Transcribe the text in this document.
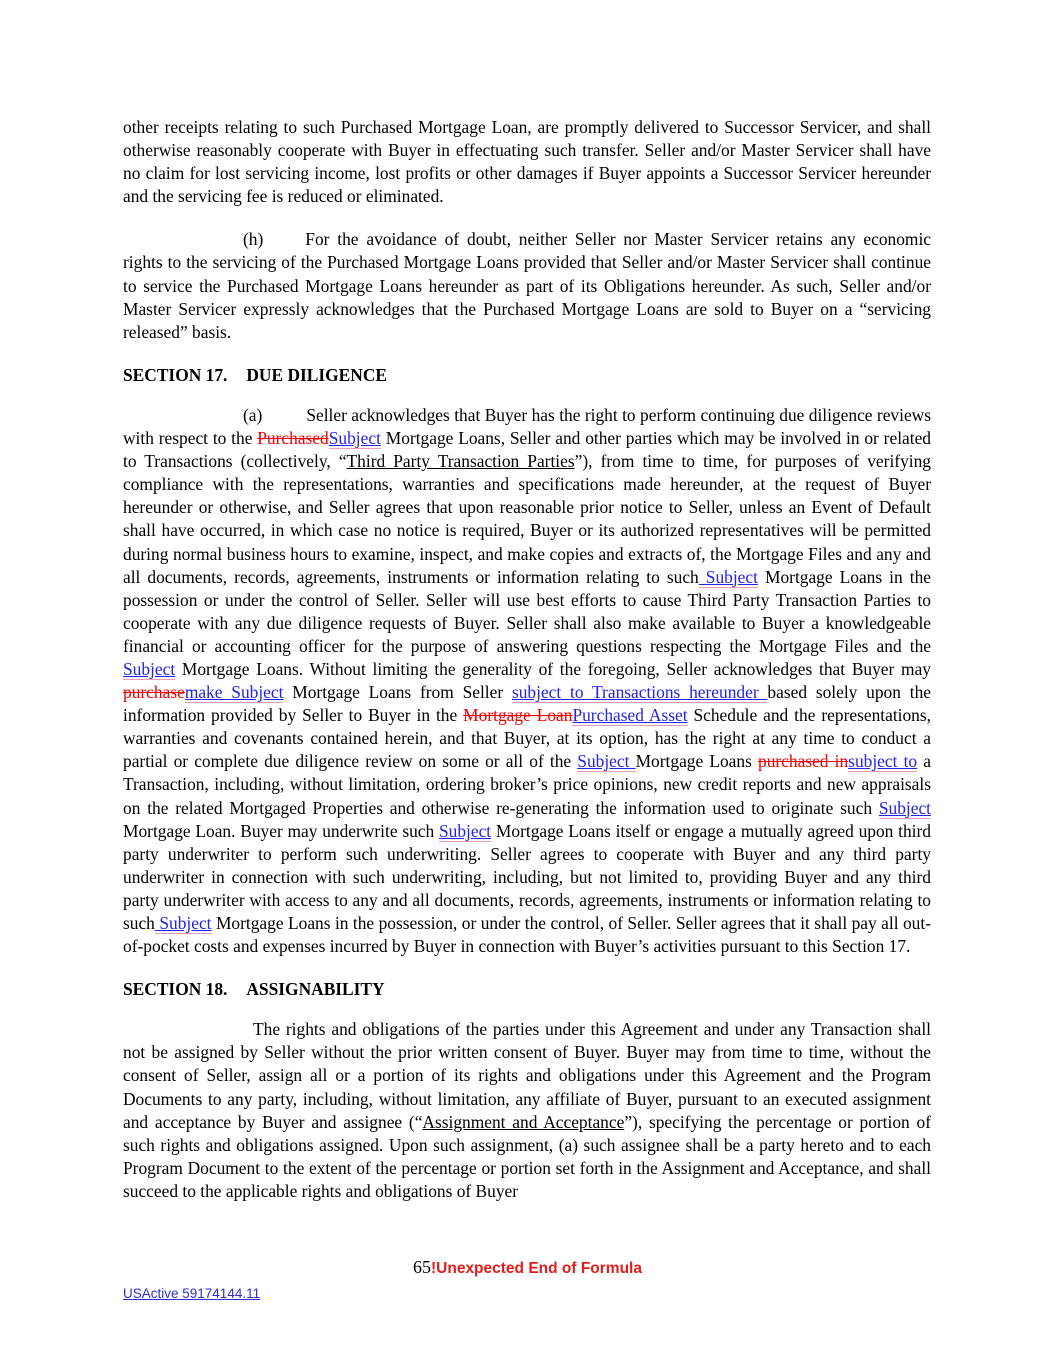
other receipts relating to such Purchased Mortgage Loan, are promptly delivered to Successor Servicer, and shall otherwise reasonably cooperate with Buyer in effectuating such transfer. Seller and/or Master Servicer shall have no claim for lost servicing income, lost profits or other damages if Buyer appoints a Successor Servicer hereunder and the servicing fee is reduced or eliminated.

(h) For the avoidance of doubt, neither Seller nor Master Servicer retains any economic rights to the servicing of the Purchased Mortgage Loans provided that Seller and/or Master Servicer shall continue to service the Purchased Mortgage Loans hereunder as part of its Obligations hereunder. As such, Seller and/or Master Servicer expressly acknowledges that the Purchased Mortgage Loans are sold to Buyer on a “servicing released” basis.

SECTION 17. DUE DILIGENCE

(a)	Seller acknowledges that Buyer has the right to perform continuing due diligence reviews with respect to the PurchasedSubject Mortgage Loans, Seller and other parties which may be involved in or related to Transactions (collectively, “Third Party Transaction Parties”), from time to time, for purposes of verifying compliance with the representations, warranties and specifications made hereunder, at the request of Buyer hereunder or otherwise, and Seller agrees that upon reasonable prior notice to Seller, unless an Event of Default shall have occurred, in which case no notice is required, Buyer or its authorized representatives will be permitted during normal business hours to examine, inspect, and make copies and extracts of, the Mortgage Files and any and all documents, records, agreements, instruments or information relating to such Subject Mortgage Loans in the possession or under the control of Seller. Seller will use best efforts to cause Third Party Transaction Parties to cooperate with any due diligence requests of Buyer. Seller shall also make available to Buyer a knowledgeable financial or accounting officer for the purpose of answering questions respecting the Mortgage Files and the Subject Mortgage Loans. Without limiting the generality of the foregoing, Seller acknowledges that Buyer may purchasemake Subject Mortgage Loans from Seller subject to Transactions hereunder based solely upon the information provided by Seller to Buyer in the Mortgage LoanPurchased Asset Schedule and the representations, warranties and covenants contained herein, and that Buyer, at its option, has the right at any time to conduct a partial or complete due diligence review on some or all of the Subject Mortgage Loans purchased insubject to a Transaction, including, without limitation, ordering broker’s price opinions, new credit reports and new appraisals on the related Mortgaged Properties and otherwise re-generating the information used to originate such Subject Mortgage Loan. Buyer may underwrite such Subject Mortgage Loans itself or engage a mutually agreed upon third party underwriter to perform such underwriting. Seller agrees to cooperate with Buyer and any third party underwriter in connection with such underwriting, including, but not limited to, providing Buyer and any third party underwriter with access to any and all documents, records, agreements, instruments or information relating to such Subject Mortgage Loans in the possession, or under the control, of Seller. Seller agrees that it shall pay all out-of-pocket costs and expenses incurred by Buyer in connection with Buyer’s activities pursuant to this Section 17.

SECTION 18. ASSIGNABILITY

The rights and obligations of the parties under this Agreement and under any Transaction shall not be assigned by Seller without the prior written consent of Buyer. Buyer may from time to time, without the consent of Seller, assign all or a portion of its rights and obligations under this Agreement and the Program Documents to any party, including, without limitation, any affiliate of Buyer, pursuant to an executed assignment and acceptance by Buyer and assignee (“Assignment and Acceptance”), specifying the percentage or portion of such rights and obligations assigned. Upon such assignment, (a) such assignee shall be a party hereto and to each Program Document to the extent of the percentage or portion set forth in the Assignment and Acceptance, and shall succeed to the applicable rights and obligations of Buyer

65!Unexpected End of Formula
USActive 59174144.11
